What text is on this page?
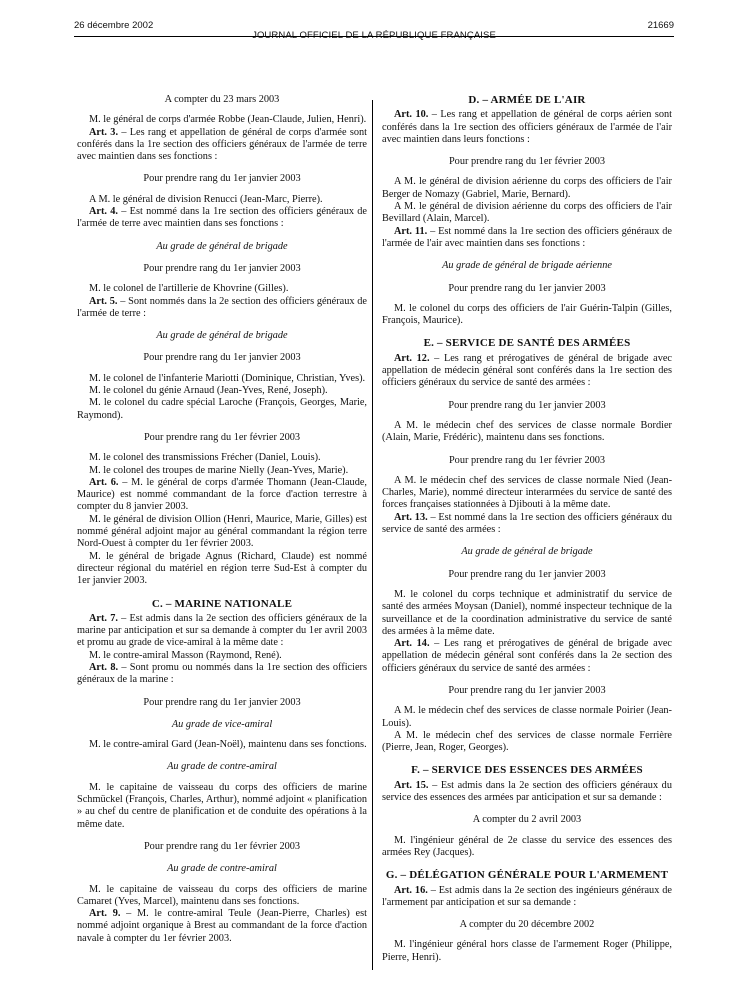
26 décembre 2002
JOURNAL OFFICIEL DE LA RÉPUBLIQUE FRANÇAISE
21669
A compter du 23 mars 2003
M. le général de corps d'armée Robbe (Jean-Claude, Julien, Henri).
Art. 3. – Les rang et appellation de général de corps d'armée sont conférés dans la 1re section des officiers généraux de l'armée de terre avec maintien dans ses fonctions :
Pour prendre rang du 1er janvier 2003
A M. le général de division Renucci (Jean-Marc, Pierre).
Art. 4. – Est nommé dans la 1re section des officiers généraux de l'armée de terre avec maintien dans ses fonctions :
Au grade de général de brigade
Pour prendre rang du 1er janvier 2003
M. le colonel de l'artillerie de Khovrine (Gilles).
Art. 5. – Sont nommés dans la 2e section des officiers généraux de l'armée de terre :
Au grade de général de brigade
Pour prendre rang du 1er janvier 2003
M. le colonel de l'infanterie Mariotti (Dominique, Christian, Yves).
M. le colonel du génie Arnaud (Jean-Yves, René, Joseph).
M. le colonel du cadre spécial Laroche (François, Georges, Marie, Raymond).
Pour prendre rang du 1er février 2003
M. le colonel des transmissions Frécher (Daniel, Louis).
M. le colonel des troupes de marine Nielly (Jean-Yves, Marie).
Art. 6. – M. le général de corps d'armée Thomann (Jean-Claude, Maurice) est nommé commandant de la force d'action terrestre à compter du 8 janvier 2003.
M. le général de division Ollion (Henri, Maurice, Marie, Gilles) est nommé général adjoint major au général commandant la région terre Nord-Ouest à compter du 1er février 2003.
M. le général de brigade Agnus (Richard, Claude) est nommé directeur régional du matériel en région terre Sud-Est à compter du 1er janvier 2003.
C. – MARINE NATIONALE
Art. 7. – Est admis dans la 2e section des officiers généraux de la marine par anticipation et sur sa demande à compter du 1er avril 2003 et promu au grade de vice-amiral à la même date :
M. le contre-amiral Masson (Raymond, René).
Art. 8. – Sont promu ou nommés dans la 1re section des officiers généraux de la marine :
Pour prendre rang du 1er janvier 2003
Au grade de vice-amiral
M. le contre-amiral Gard (Jean-Noël), maintenu dans ses fonctions.
Au grade de contre-amiral
M. le capitaine de vaisseau du corps des officiers de marine Schmückel (François, Charles, Arthur), nommé adjoint « planification » au chef du centre de planification et de conduite des opérations à la même date.
Pour prendre rang du 1er février 2003
Au grade de contre-amiral
M. le capitaine de vaisseau du corps des officiers de marine Camaret (Yves, Marcel), maintenu dans ses fonctions.
Art. 9. – M. le contre-amiral Teule (Jean-Pierre, Charles) est nommé adjoint organique à Brest au commandant de la force d'action navale à compter du 1er février 2003.
D. – ARMÉE DE L'AIR
Art. 10. – Les rang et appellation de général de corps aérien sont conférés dans la 1re section des officiers généraux de l'armée de l'air avec maintien dans leurs fonctions :
Pour prendre rang du 1er février 2003
A M. le général de division aérienne du corps des officiers de l'air Berger de Nomazy (Gabriel, Marie, Bernard).
A M. le général de division aérienne du corps des officiers de l'air Bevillard (Alain, Marcel).
Art. 11. – Est nommé dans la 1re section des officiers généraux de l'armée de l'air avec maintien dans ses fonctions :
Au grade de général de brigade aérienne
Pour prendre rang du 1er janvier 2003
M. le colonel du corps des officiers de l'air Guérin-Talpin (Gilles, François, Maurice).
E. – SERVICE DE SANTÉ DES ARMÉES
Art. 12. – Les rang et prérogatives de général de brigade avec appellation de médecin général sont conférés dans la 1re section des officiers généraux du service de santé des armées :
Pour prendre rang du 1er janvier 2003
A M. le médecin chef des services de classe normale Bordier (Alain, Marie, Frédéric), maintenu dans ses fonctions.
Pour prendre rang du 1er février 2003
A M. le médecin chef des services de classe normale Nied (Jean-Charles, Marie), nommé directeur interarmées du service de santé des forces françaises stationnées à Djibouti à la même date.
Art. 13. – Est nommé dans la 1re section des officiers généraux du service de santé des armées :
Au grade de général de brigade
Pour prendre rang du 1er janvier 2003
M. le colonel du corps technique et administratif du service de santé des armées Moysan (Daniel), nommé inspecteur technique de la surveillance et de la coordination administrative du service de santé des armées à la même date.
Art. 14. – Les rang et prérogatives de général de brigade avec appellation de médecin général sont conférés dans la 2e section des officiers généraux du service de santé des armées :
Pour prendre rang du 1er janvier 2003
A M. le médecin chef des services de classe normale Poirier (Jean-Louis).
A M. le médecin chef des services de classe normale Ferrière (Pierre, Jean, Roger, Georges).
F. – SERVICE DES ESSENCES DES ARMÉES
Art. 15. – Est admis dans la 2e section des officiers généraux du service des essences des armées par anticipation et sur sa demande :
A compter du 2 avril 2003
M. l'ingénieur général de 2e classe du service des essences des armées Rey (Jacques).
G. – DÉLÉGATION GÉNÉRALE POUR L'ARMEMENT
Art. 16. – Est admis dans la 2e section des ingénieurs généraux de l'armement par anticipation et sur sa demande :
A compter du 20 décembre 2002
M. l'ingénieur général hors classe de l'armement Roger (Philippe, Pierre, Henri).
